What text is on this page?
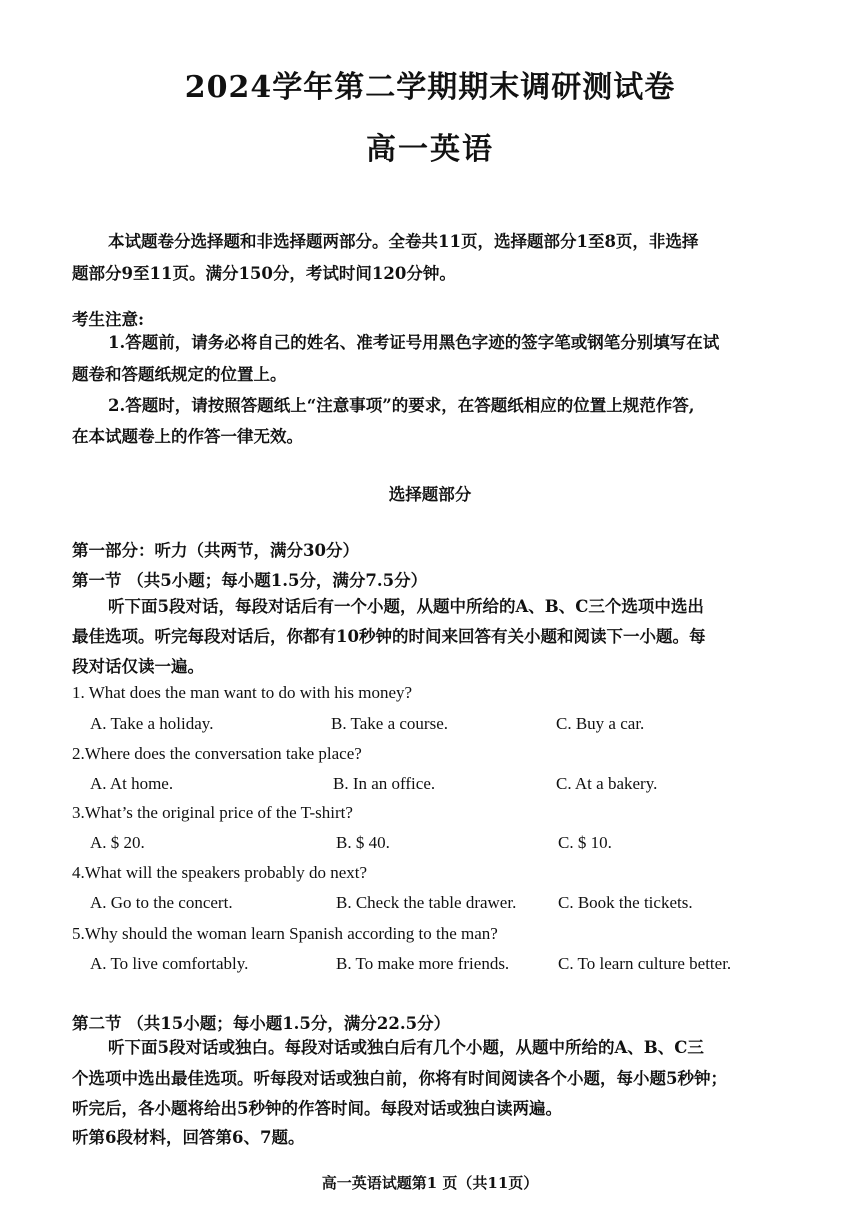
2024学年第二学期期末调研测试卷
高一英语
本试题卷分选择题和非选择题两部分。全卷共11页，选择题部分1至8页，非选择
题部分9至11页。满分150分，考试时间120分钟。
考生注意:
1.答题前，请务必将自己的姓名、准考证号用黑色字迹的签字笔或钢笔分别填写在试
题卷和答题纸规定的位置上。
2.答题时，请按照答题纸上“注意事项”的要求，在答题纸相应的位置上规范作答,
在本试题卷上的作答一律无效。
选择题部分
第一部分：听力（共两节，满分30分）
第一节 （共5小题；每小题1.5分，满分7.5分）
听下面5段对话，每段对话后有一个小题，从题中所给的A、B、C三个选项中选出
最佳选项。听完每段对话后，你都有10秒钟的时间来回答有关小题和阅读下一小题。每
段对话仅读一遍。
1. What does the man want to do with his money?
A. Take a holiday.	B. Take a course.	C. Buy a car.
2.Where does the conversation take place?
A. At home.	B. In an office.	C. At a bakery.
3.What’s the original price of the T-shirt?
A. $ 20.	B. $ 40.	C. $ 10.
4.What will the speakers probably do next?
A. Go to the concert.	B. Check the table drawer. C. Book the tickets.
5.Why should the woman learn Spanish according to the man?
A. To live comfortably.	B. To make more friends.	C. To learn culture better.
第二节 （共15小题；每小题1.5分，满分22.5分）
听下面5段对话或独白。每段对话或独白后有几个小题，从题中所给的A、B、C三
个选项中选出最佳选项。听每段对话或独白前，你将有时间阅读各个小题，每小题5秒钟；
听完后，各小题将给出5秒钟的作答时间。每段对话或独白读两遍。
听第6段材料，回答第6、7题。
高一英语试题第1 页（共11页）
